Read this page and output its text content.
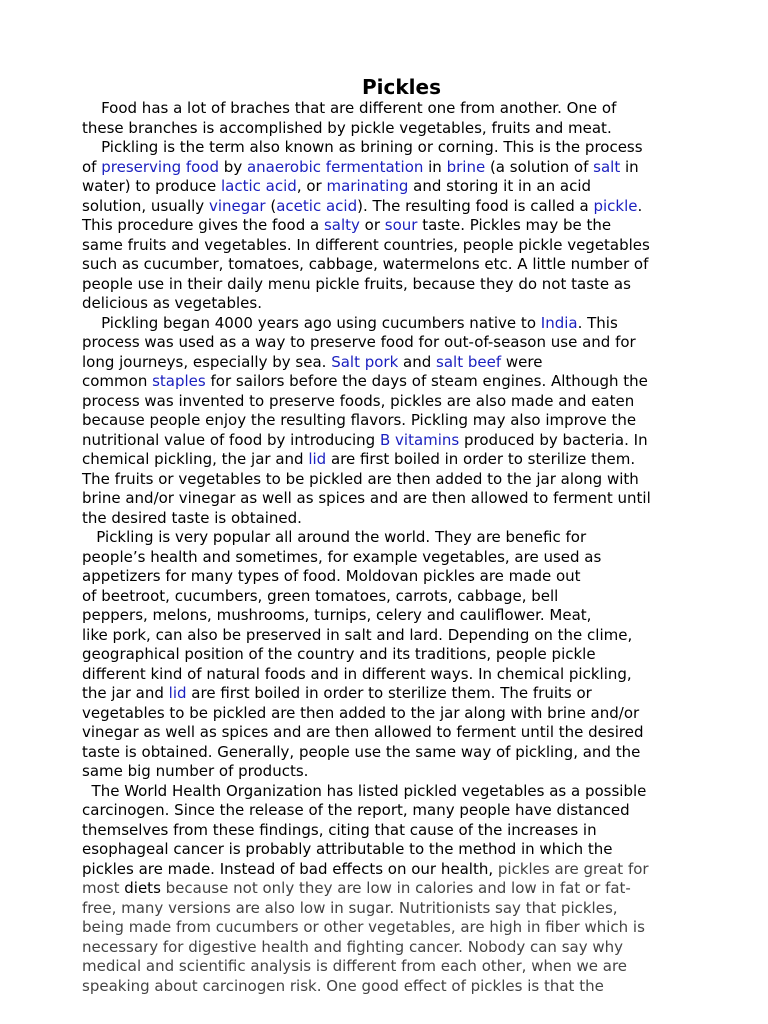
Pickles
Food has a lot of braches that are different one from another. One of
these branches is accomplished by pickle vegetables, fruits and meat.
Pickling is the term also known as brining or corning. This is the process
of preserving food by anaerobic fermentation in brine (a solution of salt in
water) to produce lactic acid, or marinating and storing it in an acid
solution, usually vinegar (acetic acid). The resulting food is called a pickle.
This procedure gives the food a salty or sour taste. Pickles may be the
same fruits and vegetables. In different countries, people pickle vegetables
such as cucumber, tomatoes, cabbage, watermelons etc. A little number of
people use in their daily menu pickle fruits, because they do not taste as
delicious as vegetables.
Pickling began 4000 years ago using cucumbers native to India. This
process was used as a way to preserve food for out-of-season use and for
long journeys, especially by sea. Salt pork and salt beef were
common staples for sailors before the days of steam engines. Although the
process was invented to preserve foods, pickles are also made and eaten
because people enjoy the resulting flavors. Pickling may also improve the
nutritional value of food by introducing B vitamins produced by bacteria. In
chemical pickling, the jar and lid are first boiled in order to sterilize them.
The fruits or vegetables to be pickled are then added to the jar along with
brine and/or vinegar as well as spices and are then allowed to ferment until
the desired taste is obtained.
Pickling is very popular all around the world. They are benefic for
people’s health and sometimes, for example vegetables, are used as
appetizers for many types of food. Moldovan pickles are made out
of beetroot, cucumbers, green tomatoes, carrots, cabbage, bell
peppers, melons, mushrooms, turnips, celery and cauliflower. Meat,
like pork, can also be preserved in salt and lard. Depending on the clime,
geographical position of the country and its traditions, people pickle
different kind of natural foods and in different ways. In chemical pickling,
the jar and lid are first boiled in order to sterilize them. The fruits or
vegetables to be pickled are then added to the jar along with brine and/or
vinegar as well as spices and are then allowed to ferment until the desired
taste is obtained. Generally, people use the same way of pickling, and the
same big number of products.
The World Health Organization has listed pickled vegetables as a possible
carcinogen. Since the release of the report, many people have distanced
themselves from these findings, citing that cause of the increases in
esophageal cancer is probably attributable to the method in which the
pickles are made. Instead of bad effects on our health, pickles are great for
most diets because not only they are low in calories and low in fat or fat-
free, many versions are also low in sugar. Nutritionists say that pickles,
being made from cucumbers or other vegetables, are high in fiber which is
necessary for digestive health and fighting cancer. Nobody can say why
medical and scientific analysis is different from each other, when we are
speaking about carcinogen risk. One good effect of pickles is that the
